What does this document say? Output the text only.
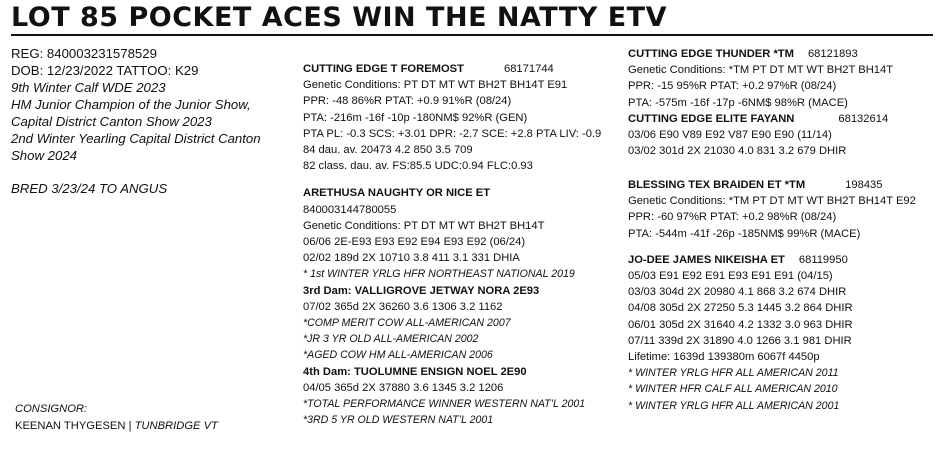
LOT 85 POCKET ACES WIN THE NATTY ETV
REG: 840003231578529
DOB: 12/23/2022 TATTOO: K29
9th Winter Calf WDE 2023
HM Junior Champion of the Junior Show,
Capital District Canton Show 2023
2nd Winter Yearling Capital District Canton
Show 2024
BRED 3/23/24 TO ANGUS
CONSIGNOR:
KEENAN THYGESEN | TUNBRIDGE VT
CUTTING EDGE T FOREMOST	68171744
Genetic Conditions: PT DT MT WT BH2T BH14T E91
PPR: -48 86%R PTAT: +0.9 91%R (08/24)
PTA: -216m -16f -10p -180NM$ 92%R (GEN)
PTA PL: -0.3 SCS: +3.01 DPR: -2.7 SCE: +2.8 PTA LIV: -0.9
84 dau. av. 20473 4.2 850 3.5 709
82 class. dau. av. FS:85.5 UDC:0.94 FLC:0.93
ARETHUSA NAUGHTY OR NICE ET
840003144780055
Genetic Conditions: PT DT MT WT BH2T BH14T
06/06 2E-E93 E93 E92 E94 E93 E92 (06/24)
02/02 189d 2X 10710 3.8 411 3.1 331 DHIA
* 1st WINTER YRLG HFR NORTHEAST NATIONAL 2019
3rd Dam: VALLIGROVE JETWAY NORA 2E93
07/02 365d 2X 36260 3.6 1306 3.2 1162
*COMP MERIT COW ALL-AMERICAN 2007
*JR 3 YR OLD ALL-AMERICAN 2002
*AGED COW HM ALL-AMERICAN 2006
4th Dam: TUOLUMNE ENSIGN NOEL 2E90
04/05 365d 2X 37880 3.6 1345 3.2 1206
*TOTAL PERFORMANCE WINNER WESTERN NAT’L 2001
*3RD 5 YR OLD WESTERN NAT’L 2001
CUTTING EDGE THUNDER *TM 68121893
Genetic Conditions: *TM PT DT MT WT BH2T BH14T
PPR: -15 95%R PTAT: +0.2 97%R (08/24)
PTA: -575m -16f -17p -6NM$ 98%R (MACE)
CUTTING EDGE ELITE FAYANN	68132614
03/06 E90 V89 E92 V87 E90 E90 (11/14)
03/02 301d 2X 21030 4.0 831 3.2 679 DHIR
BLESSING TEX BRAIDEN ET *TM	198435
Genetic Conditions: *TM PT DT MT WT BH2T BH14T E92
PPR: -60 97%R PTAT: +0.2 98%R (08/24)
PTA: -544m -41f -26p -185NM$ 99%R (MACE)
JO-DEE JAMES NIKEISHA ET 68119950
05/03 E91 E92 E91 E93 E91 E91 (04/15)
03/03 304d 2X 20980 4.1 868 3.2 674 DHIR
04/08 305d 2X 27250 5.3 1445 3.2 864 DHIR
06/01 305d 2X 31640 4.2 1332 3.0 963 DHIR
07/11 339d 2X 31890 4.0 1266 3.1 981 DHIR
Lifetime: 1639d 139380m 6067f 4450p
* WINTER YRLG HFR ALL AMERICAN 2011
* WINTER HFR CALF ALL AMERICAN 2010
* WINTER YRLG HFR ALL AMERICAN 2001
